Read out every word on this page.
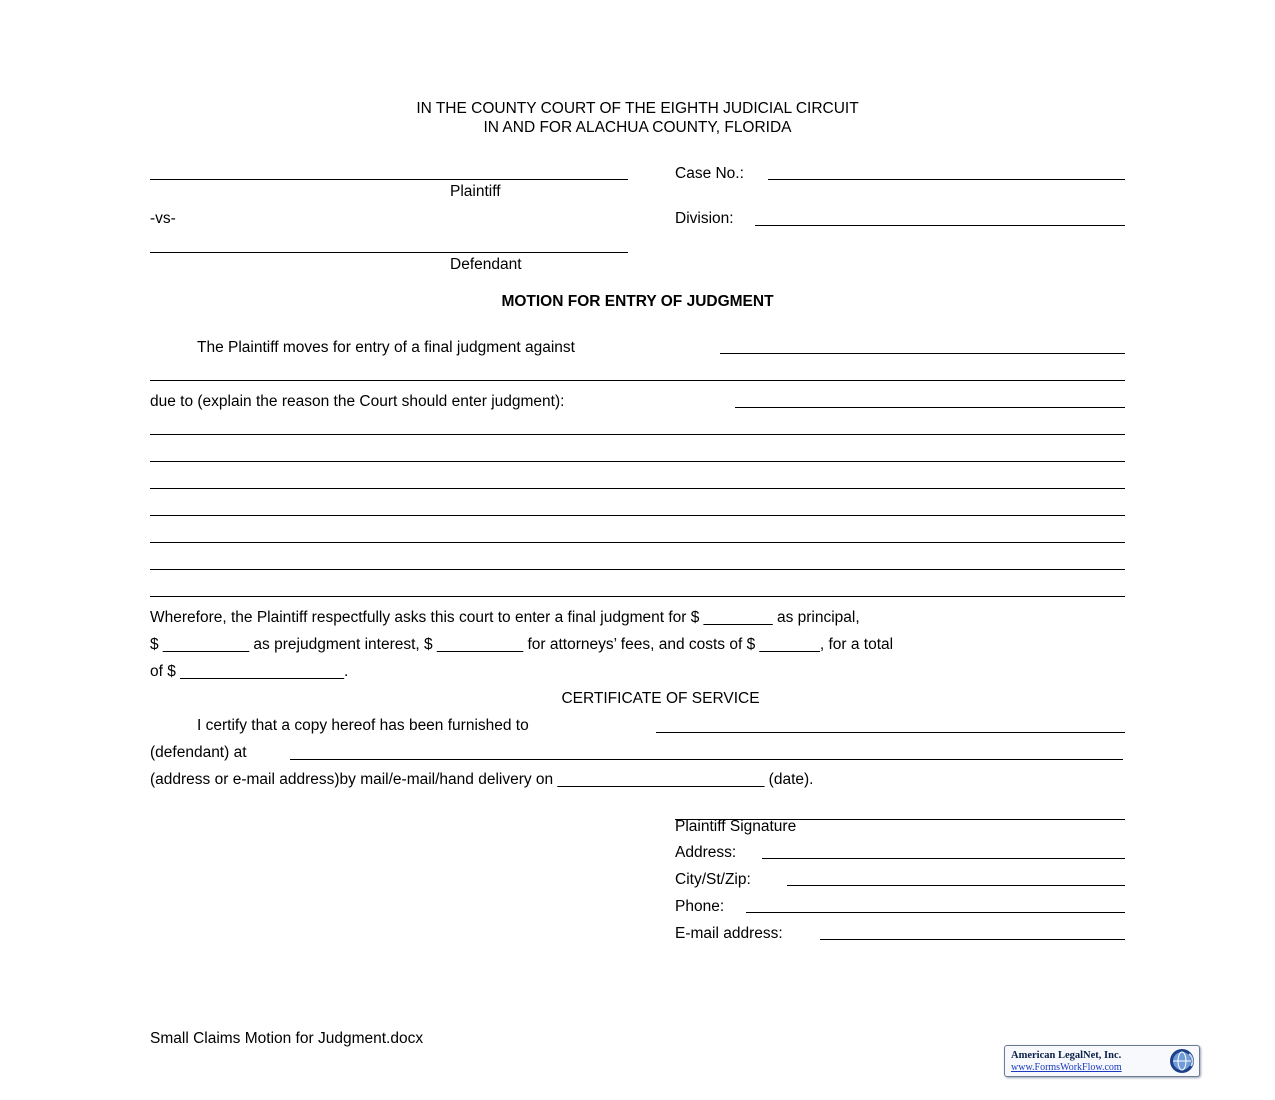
IN THE COUNTY COURT OF THE EIGHTH JUDICIAL CIRCUIT
IN AND FOR ALACHUA COUNTY, FLORIDA
Plaintiff
-vs-
Defendant
Case No.:
Division:
MOTION FOR ENTRY OF JUDGMENT
The Plaintiff moves for entry of a final judgment against
due to (explain the reason the Court should enter judgment):
Wherefore, the Plaintiff respectfully asks this court to enter a final judgment for $ ________ as principal,
$ __________ as prejudgment interest, $ __________ for attorneys’ fees, and costs of $ _______, for a total
of $ ___________________.
CERTIFICATE OF SERVICE
I certify that a copy hereof has been furnished to
(defendant) at
(address or e-mail address)by mail/e-mail/hand delivery on ________________________ (date).
Plaintiff Signature
Address:
City/St/Zip:
Phone:
E-mail address:
Small Claims Motion for Judgment.docx
American LegalNet, Inc.
www.FormsWorkFlow.com
